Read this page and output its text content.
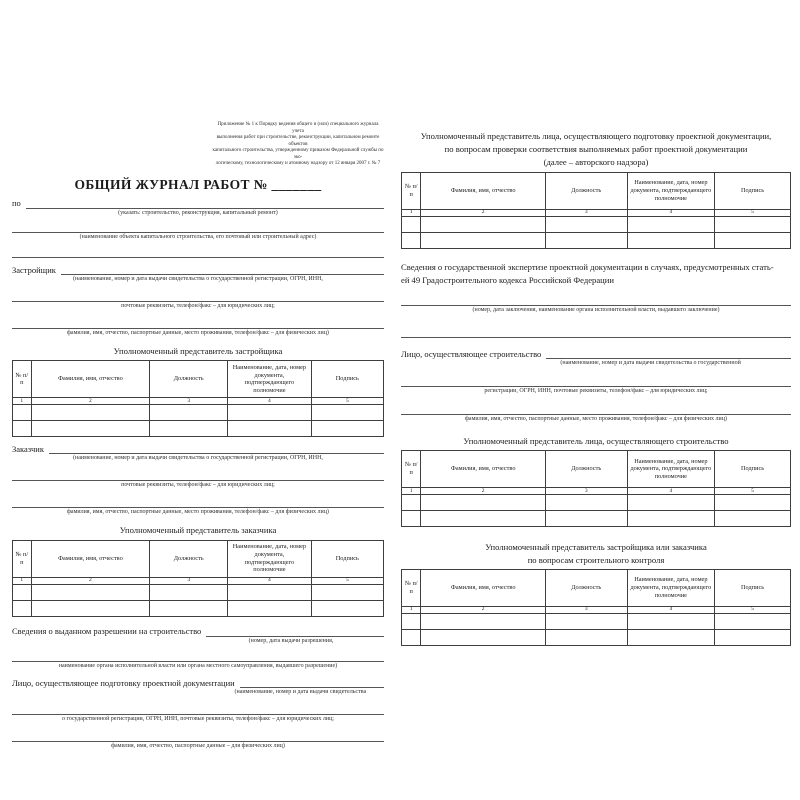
Приложение № 1 к Порядку ведения общего и (или) специального журнала учета
выполнения работ при строительстве, реконструкции, капитальном ремонте объектов
капитального строительства, утвержденному приказом Федеральной службы по эко-
логическому, технологическому и атомному надзору от 12 января 2007 г. № 7
ОБЩИЙ ЖУРНАЛ РАБОТ № _______
по
(указать: строительство, реконструкция, капитальный ремонт)
(наименование объекта капитального строительства, его почтовый или строительный адрес)
Застройщик
(наименование, номер и дата выдачи свидетельства о государственной регистрации, ОГРН, ИНН,
почтовые реквизиты, телефон/факс – для юридических лиц;
фамилия, имя, отчество, паспортные данные, место проживания, телефон/факс – для физических лиц)
Уполномоченный представитель застройщика
№ п/п	Фамилия, имя, отчество	Должность	Наименование, дата, номер документа, подтверждающего полномочие	Подпись
1	2	3	4	5

Заказчик
(наименование, номер и дата выдачи свидетельства о государственной регистрации, ОГРН, ИНН,
почтовые реквизиты, телефон/факс – для юридических лиц;
фамилия, имя, отчество, паспортные данные, место проживания, телефон/факс – для физических лиц)
Уполномоченный представитель заказчика
№ п/п	Фамилия, имя, отчество	Должность	Наименование, дата, номер документа, подтверждающего полномочие	Подпись
1	2	3	4	5

Сведения о выданном разрешении на строительство
(номер, дата выдачи разрешения,
наименование органа исполнительной власти или органа местного самоуправления, выдавшего разрешение)
Лицо, осуществляющее подготовку проектной документации
(наименование, номер и дата выдачи свидетельства
о государственной регистрации, ОГРН, ИНН, почтовые реквизиты, телефон/факс – для юридических лиц;
фамилия, имя, отчество, паспортные данные – для физических лиц)
Уполномоченный представитель лица, осуществляющего подготовку проектной документации,
по вопросам проверки соответствия выполняемых работ проектной документации
(далее – авторского надзора)
№ п/п	Фамилия, имя, отчество	Должность	Наименование, дата, номер документа, подтверждающего полномочие	Подпись
1	2	3	4	5

Сведения о государственной экспертизе проектной документации в случаях, предусмотренных стать-
ей 49 Градостроительного кодекса Российской Федерации
(номер, дата заключения, наименование органа исполнительной власти, выдавшего заключение)
Лицо, осуществляющее строительство
(наименование, номер и дата выдачи свидетельства о государственной
регистрации, ОГРН, ИНН, почтовые реквизиты, телефон/факс – для юридических лиц;
фамилия, имя, отчество, паспортные данные, место проживания, телефон/факс – для физических лиц)
Уполномоченный представитель лица, осуществляющего строительство
№ п/п	Фамилия, имя, отчество	Должность	Наименование, дата, номер документа, подтверждающего полномочие	Подпись
1	2	3	4	5

Уполномоченный представитель застройщика или заказчика
по вопросам строительного контроля
№ п/п	Фамилия, имя, отчество	Должность	Наименование, дата, номер документа, подтверждающего полномочие	Подпись
1	2	3	4	5
